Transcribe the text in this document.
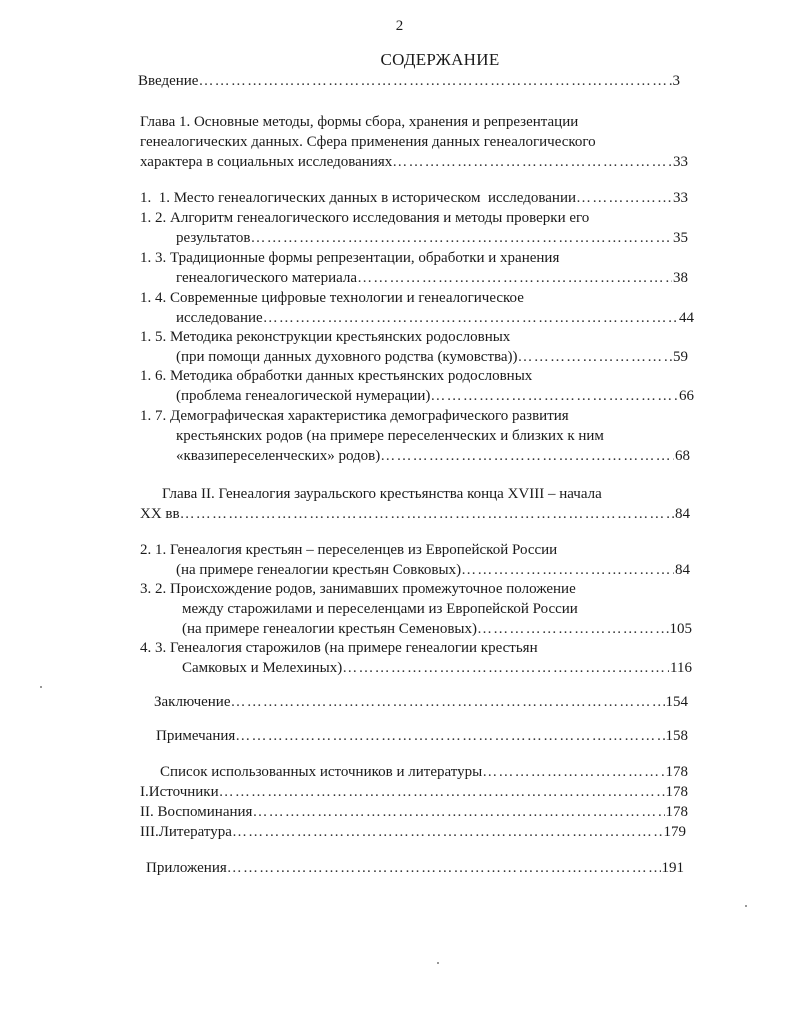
2
СОДЕРЖАНИЕ
Введение …………………………………………………………………………………………………………………………………………………………………………	3
Глава 1. Основные методы, формы сбора, хранения и репрезентации
генеалогических данных. Сфера применения данных генеалогического
характера в социальных исследованиях …………………………………………………………………………………………………………………………………………………………………………	33
1.  1. Место генеалогических данных в историческом  исследовании …………………………………………………………………………………………………………………………………………………………………………	33
1. 2. Алгоритм генеалогического исследования и методы проверки его
результатов …………………………………………………………………………………………………………………………………………………………………………	35
1. 3. Традиционные формы репрезентации, обработки и хранения
генеалогического материала …………………………………………………………………………………………………………………………………………………………………………	38
1. 4. Современные цифровые технологии и генеалогическое
исследование …………………………………………………………………………………………………………………………………………………………………………	44
1. 5. Методика реконструкции крестьянских родословных
(при помощи данных духовного родства (кумовства)) …………………………………………………………………………………………………………………………………………………………………………	59
1. 6. Методика обработки данных крестьянских родословных
(проблема генеалогической нумерации) …………………………………………………………………………………………………………………………………………………………………………	66
1. 7. Демографическая характеристика демографического развития
крестьянских родов (на примере переселенческих и близких к ним
«квазипереселенческих» родов) …………………………………………………………………………………………………………………………………………………………………………	68
Глава II. Генеалогия зауральского крестьянства конца XVIII – начала
XX вв …………………………………………………………………………………………………………………………………………………………………………	84
2. 1. Генеалогия крестьян – переселенцев из Европейской России
(на примере генеалогии крестьян Совковых) …………………………………………………………………………………………………………………………………………………………………………	84
3. 2. Происхождение родов, занимавших промежуточное положение
между старожилами и переселенцами из Европейской России
(на примере генеалогии крестьян Семеновых) …………………………………………………………………………………………………………………………………………………………………………	105
4. 3. Генеалогия старожилов (на примере генеалогии крестьян
Самковых и Мелехиных) …………………………………………………………………………………………………………………………………………………………………………	116
Заключение …………………………………………………………………………………………………………………………………………………………………………	154
Примечания …………………………………………………………………………………………………………………………………………………………………………	158
Список использованных источников и литературы …………………………………………………………………………………………………………………………………………………………………………	178
I.Источники …………………………………………………………………………………………………………………………………………………………………………	178
II. Воспоминания …………………………………………………………………………………………………………………………………………………………………………	178
III.Литература …………………………………………………………………………………………………………………………………………………………………………	179
Приложения …………………………………………………………………………………………………………………………………………………………………………	191
